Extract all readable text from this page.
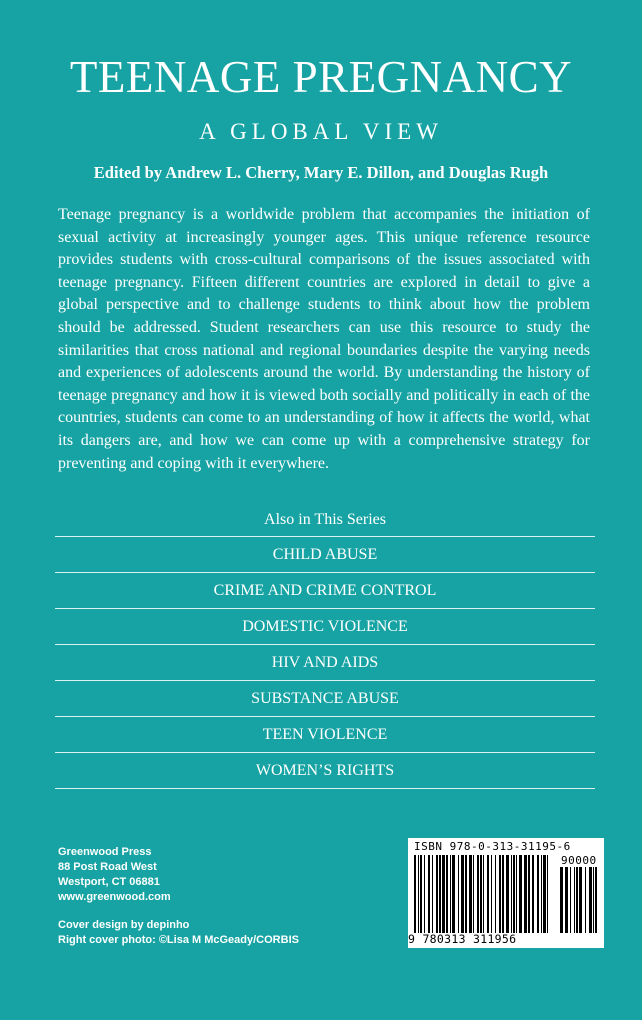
TEENAGE PREGNANCY
A GLOBAL VIEW
Edited by Andrew L. Cherry, Mary E. Dillon, and Douglas Rugh
Teenage pregnancy is a worldwide problem that accompanies the initiation of sexual activity at increasingly younger ages. This unique reference resource provides students with cross-cultural comparisons of the issues associated with teenage pregnancy. Fifteen different countries are explored in detail to give a global perspective and to challenge students to think about how the problem should be addressed. Student researchers can use this resource to study the similarities that cross national and regional boundaries despite the varying needs and experiences of adolescents around the world. By understanding the history of teenage pregnancy and how it is viewed both socially and politically in each of the countries, students can come to an understanding of how it affects the world, what its dangers are, and how we can come up with a comprehensive strategy for preventing and coping with it everywhere.
Also in This Series
CHILD ABUSE
CRIME AND CRIME CONTROL
DOMESTIC VIOLENCE
HIV AND AIDS
SUBSTANCE ABUSE
TEEN VIOLENCE
WOMEN’S RIGHTS
Greenwood Press
88 Post Road West
Westport, CT 06881
www.greenwood.com
Cover design by depinho
Right cover photo: ©Lisa M McGeady/CORBIS
ISBN 978-0-313-31195-6
90000
9 780313 311956
